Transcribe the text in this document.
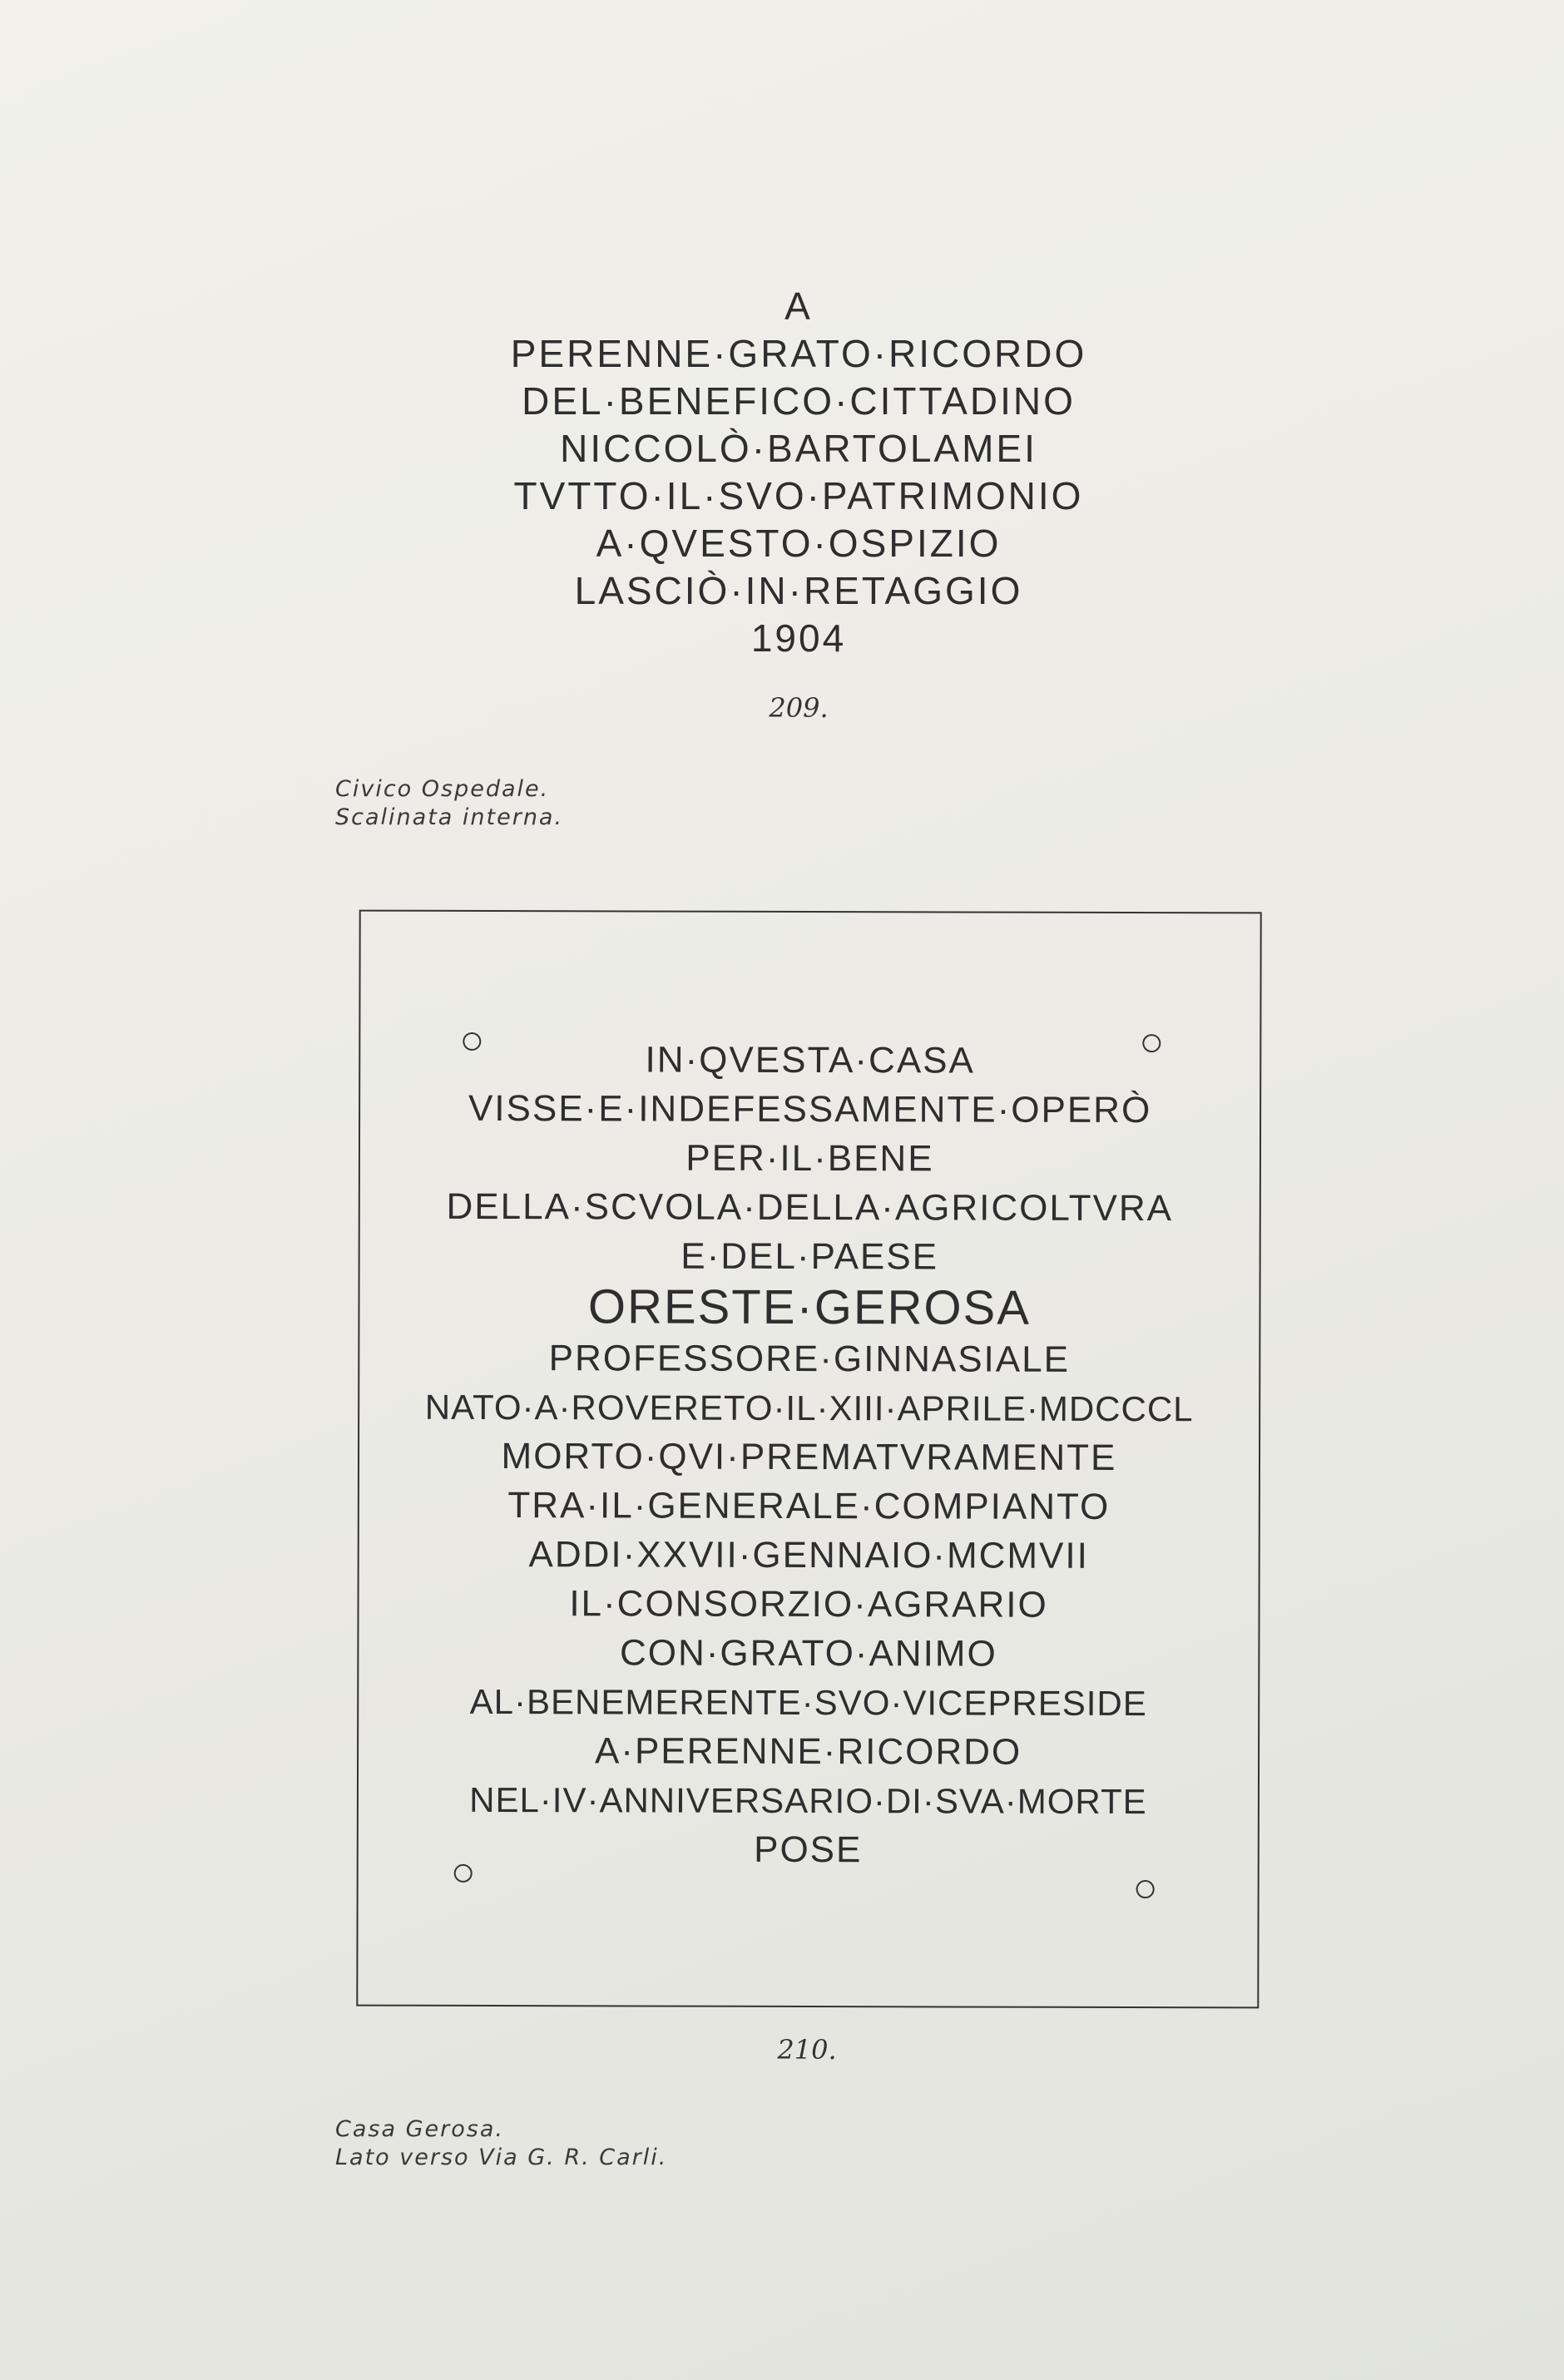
A
PERENNE·GRATO·RICORDO
DEL·BENEFICO·CITTADINO
NICCOLÒ·BARTOLAMEI
TVTTO·IL·SVO·PATRIMONIO
A·QVESTO·OSPIZIO
LASCIÒ·IN·RETAGGIO
1904
209.
Civico Ospedale.
Scalinata interna.
IN·QVESTA·CASA
VISSE·E·INDEFESSAMENTE·OPERÒ
PER·IL·BENE
DELLA·SCVOLA·DELLA·AGRICOLTVRA
E·DEL·PAESE
ORESTE·GEROSA
PROFESSORE·GINNASIALE
NATO·A·ROVERETO·IL·XIII·APRILE·MDCCCL
MORTO·QVI·PREMATVRAMENTE
TRA·IL·GENERALE·COMPIANTO
ADDI·XXVII·GENNAIO·MCMVII
IL·CONSORZIO·AGRARIO
CON·GRATO·ANIMO
AL·BENEMERENTE·SVO·VICEPRESIDE
A·PERENNE·RICORDO
NEL·IV·ANNIVERSARIO·DI·SVA·MORTE
POSE
210.
Casa Gerosa.
Lato verso Via G. R. Carli.
